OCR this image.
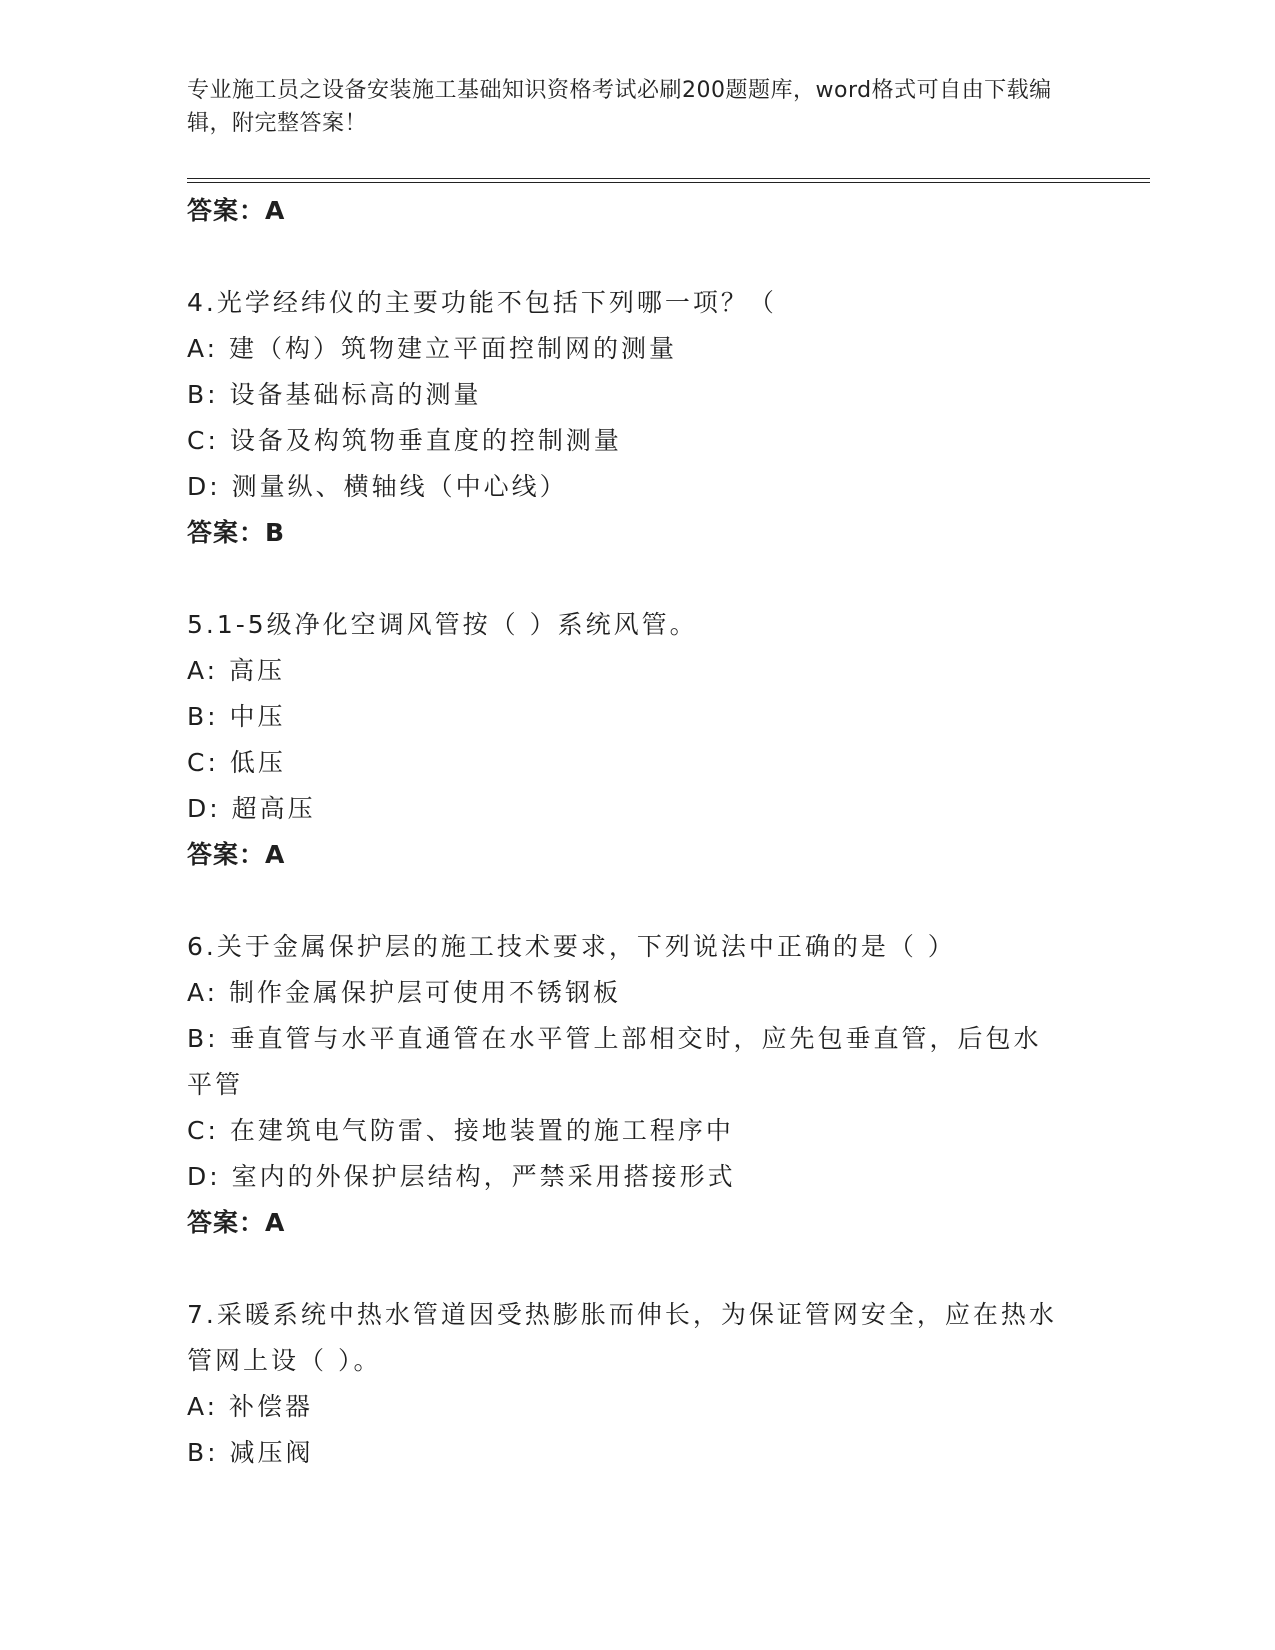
专业施工员之设备安装施工基础知识资格考试必刷200题题库，word格式可自由下载编辑，附完整答案！
答案：A
4.光学经纬仪的主要功能不包括下列哪一项？（
A: 建（构）筑物建立平面控制网的测量
B: 设备基础标高的测量
C: 设备及构筑物垂直度的控制测量
D: 测量纵、横轴线（中心线）
答案：B
5.1-5级净化空调风管按（ ）系统风管。
A: 高压
B: 中压
C: 低压
D: 超高压
答案：A
6.关于金属保护层的施工技术要求，下列说法中正确的是（ ）
A: 制作金属保护层可使用不锈钢板
B: 垂直管与水平直通管在水平管上部相交时，应先包垂直管，后包水平管
C: 在建筑电气防雷、接地装置的施工程序中
D: 室内的外保护层结构，严禁采用搭接形式
答案：A
7.采暖系统中热水管道因受热膨胀而伸长，为保证管网安全，应在热水管网上设（ ）。
A: 补偿器
B: 减压阀
